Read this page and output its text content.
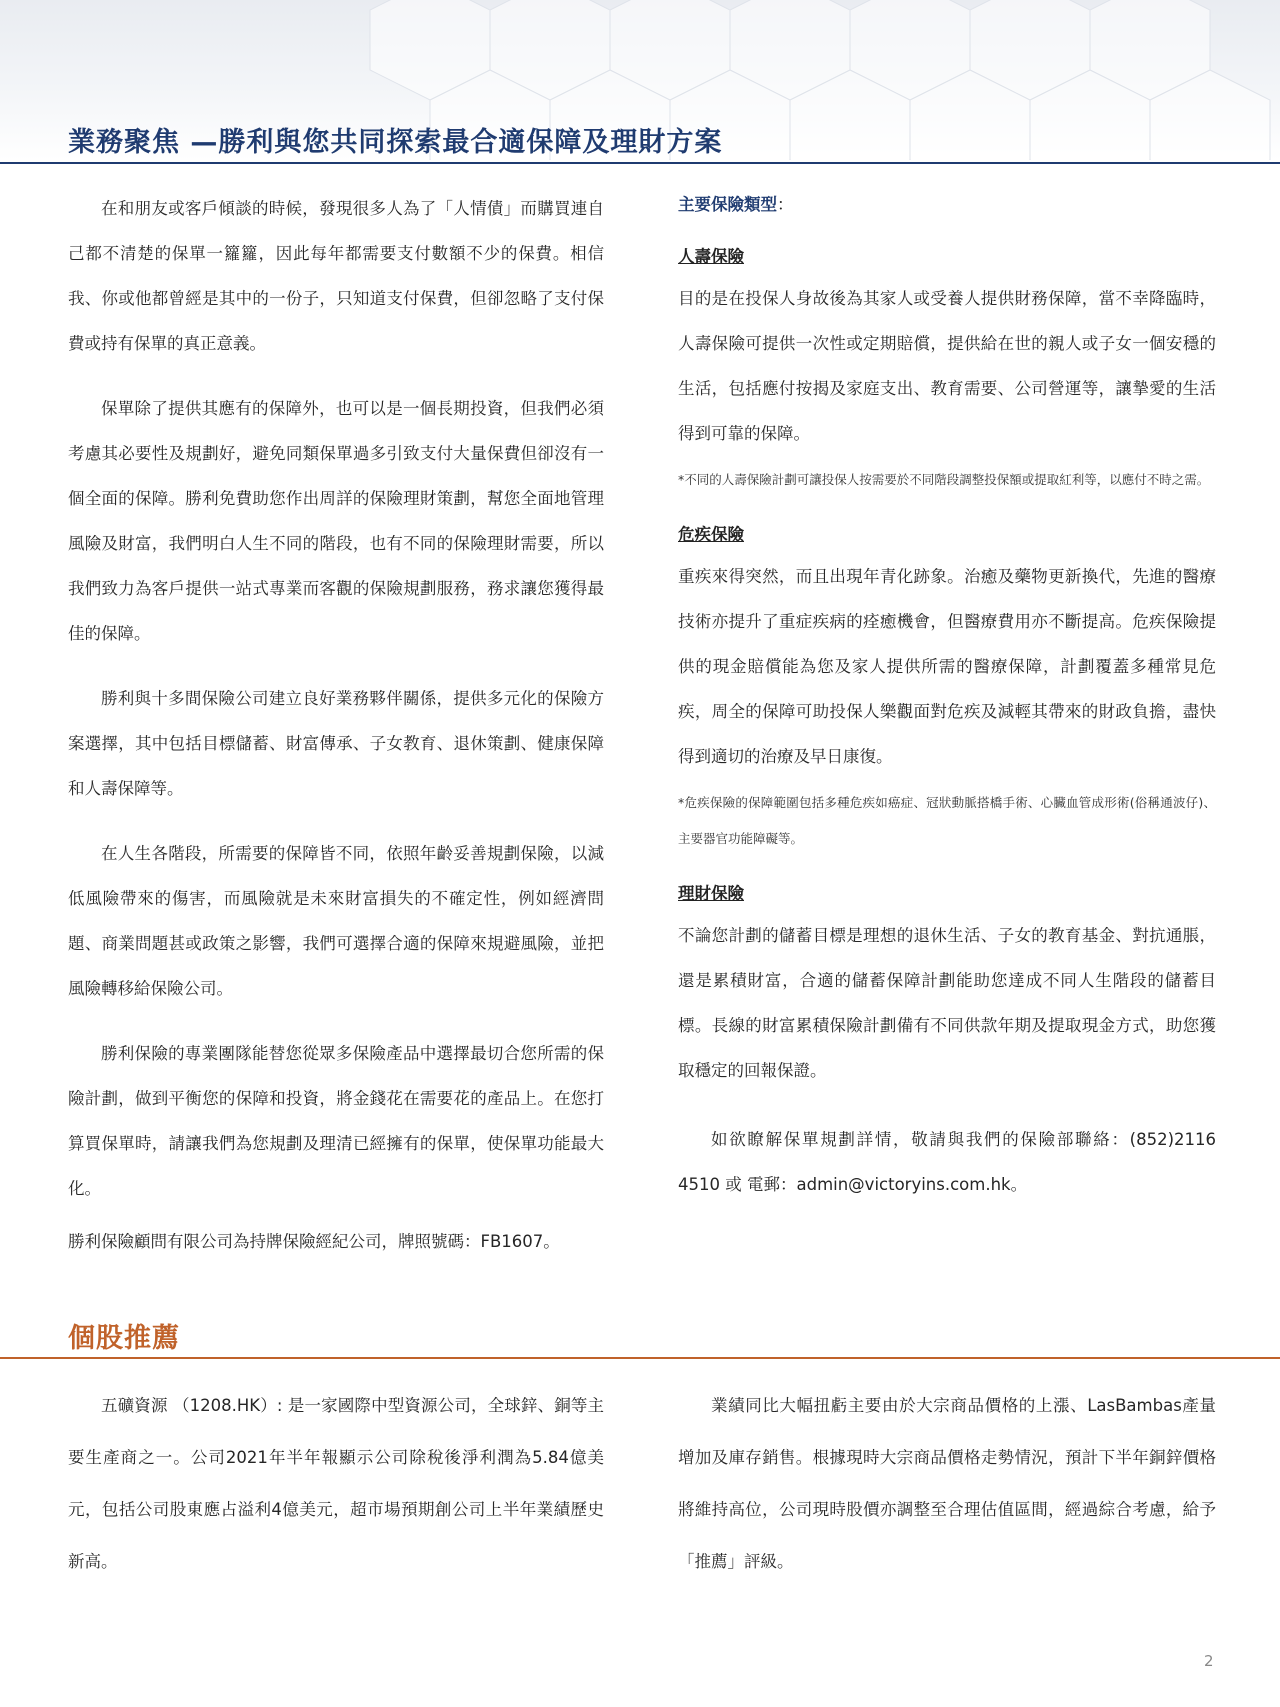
業務聚焦 —勝利與您共同探索最合適保障及理財方案

在和朋友或客戶傾談的時候，發現很多人為了「人情債」而購買連自己都不清楚的保單一籮籮，因此每年都需要支付數額不少的保費。相信我、你或他都曾經是其中的一份子，只知道支付保費，但卻忽略了支付保費或持有保單的真正意義。

保單除了提供其應有的保障外，也可以是一個長期投資，但我們必須考慮其必要性及規劃好，避免同類保單過多引致支付大量保費但卻沒有一個全面的保障。勝利免費助您作出周詳的保險理財策劃，幫您全面地管理風險及財富，我們明白人生不同的階段，也有不同的保險理財需要，所以我們致力為客戶提供一站式專業而客觀的保險規劃服務，務求讓您獲得最佳的保障。

勝利與十多間保險公司建立良好業務夥伴關係，提供多元化的保險方案選擇，其中包括目標儲蓄、財富傳承、子女教育、退休策劃、健康保障和人壽保障等。

在人生各階段，所需要的保障皆不同，依照年齡妥善規劃保險，以減低風險帶來的傷害，而風險就是未來財富損失的不確定性，例如經濟問題、商業問題甚或政策之影響，我們可選擇合適的保障來規避風險，並把風險轉移給保險公司。

勝利保險的專業團隊能替您從眾多保險產品中選擇最切合您所需的保險計劃，做到平衡您的保障和投資，將金錢花在需要花的產品上。在您打算買保單時，請讓我們為您規劃及理清已經擁有的保單，使保單功能最大化。

勝利保險顧問有限公司為持牌保險經紀公司，牌照號碼：FB1607。

主要保險類型：

人壽保險

目的是在投保人身故後為其家人或受養人提供財務保障，當不幸降臨時，人壽保險可提供一次性或定期賠償，提供給在世的親人或子女一個安穩的生活，包括應付按揭及家庭支出、教育需要、公司營運等，讓摯愛的生活得到可靠的保障。

*不同的人壽保險計劃可讓投保人按需要於不同階段調整投保額或提取紅利等，以應付不時之需。

危疾保險

重疾來得突然，而且出現年青化跡象。治癒及藥物更新換代，先進的醫療技術亦提升了重症疾病的痊癒機會，但醫療費用亦不斷提高。危疾保險提供的現金賠償能為您及家人提供所需的醫療保障，計劃覆蓋多種常見危疾，周全的保障可助投保人樂觀面對危疾及減輕其帶來的財政負擔，盡快得到適切的治療及早日康復。

*危疾保險的保障範圍包括多種危疾如癌症、冠狀動脈搭橋手術、心臟血管成形術(俗稱通波仔)、主要器官功能障礙等。

理財保險

不論您計劃的儲蓄目標是理想的退休生活、子女的教育基金、對抗通脹，還是累積財富，合適的儲蓄保障計劃能助您達成不同人生階段的儲蓄目標。長線的財富累積保險計劃備有不同供款年期及提取現金方式，助您獲取穩定的回報保證。

如欲瞭解保單規劃詳情，敬請與我們的保險部聯絡：(852)2116 4510 或 電郵：admin@victoryins.com.hk。

個股推薦

五礦資源 （1208.HK）: 是一家國際中型資源公司，全球鋅、銅等主要生產商之一。公司2021年半年報顯示公司除稅後淨利潤為5.84億美元，包括公司股東應占溢利4億美元，超市場預期創公司上半年業績歷史新高。

業績同比大幅扭虧主要由於大宗商品價格的上漲、LasBambas產量增加及庫存銷售。根據現時大宗商品價格走勢情況，預計下半年銅鋅價格將維持高位，公司現時股價亦調整至合理估值區間，經過綜合考慮，給予「推薦」評級。

2
